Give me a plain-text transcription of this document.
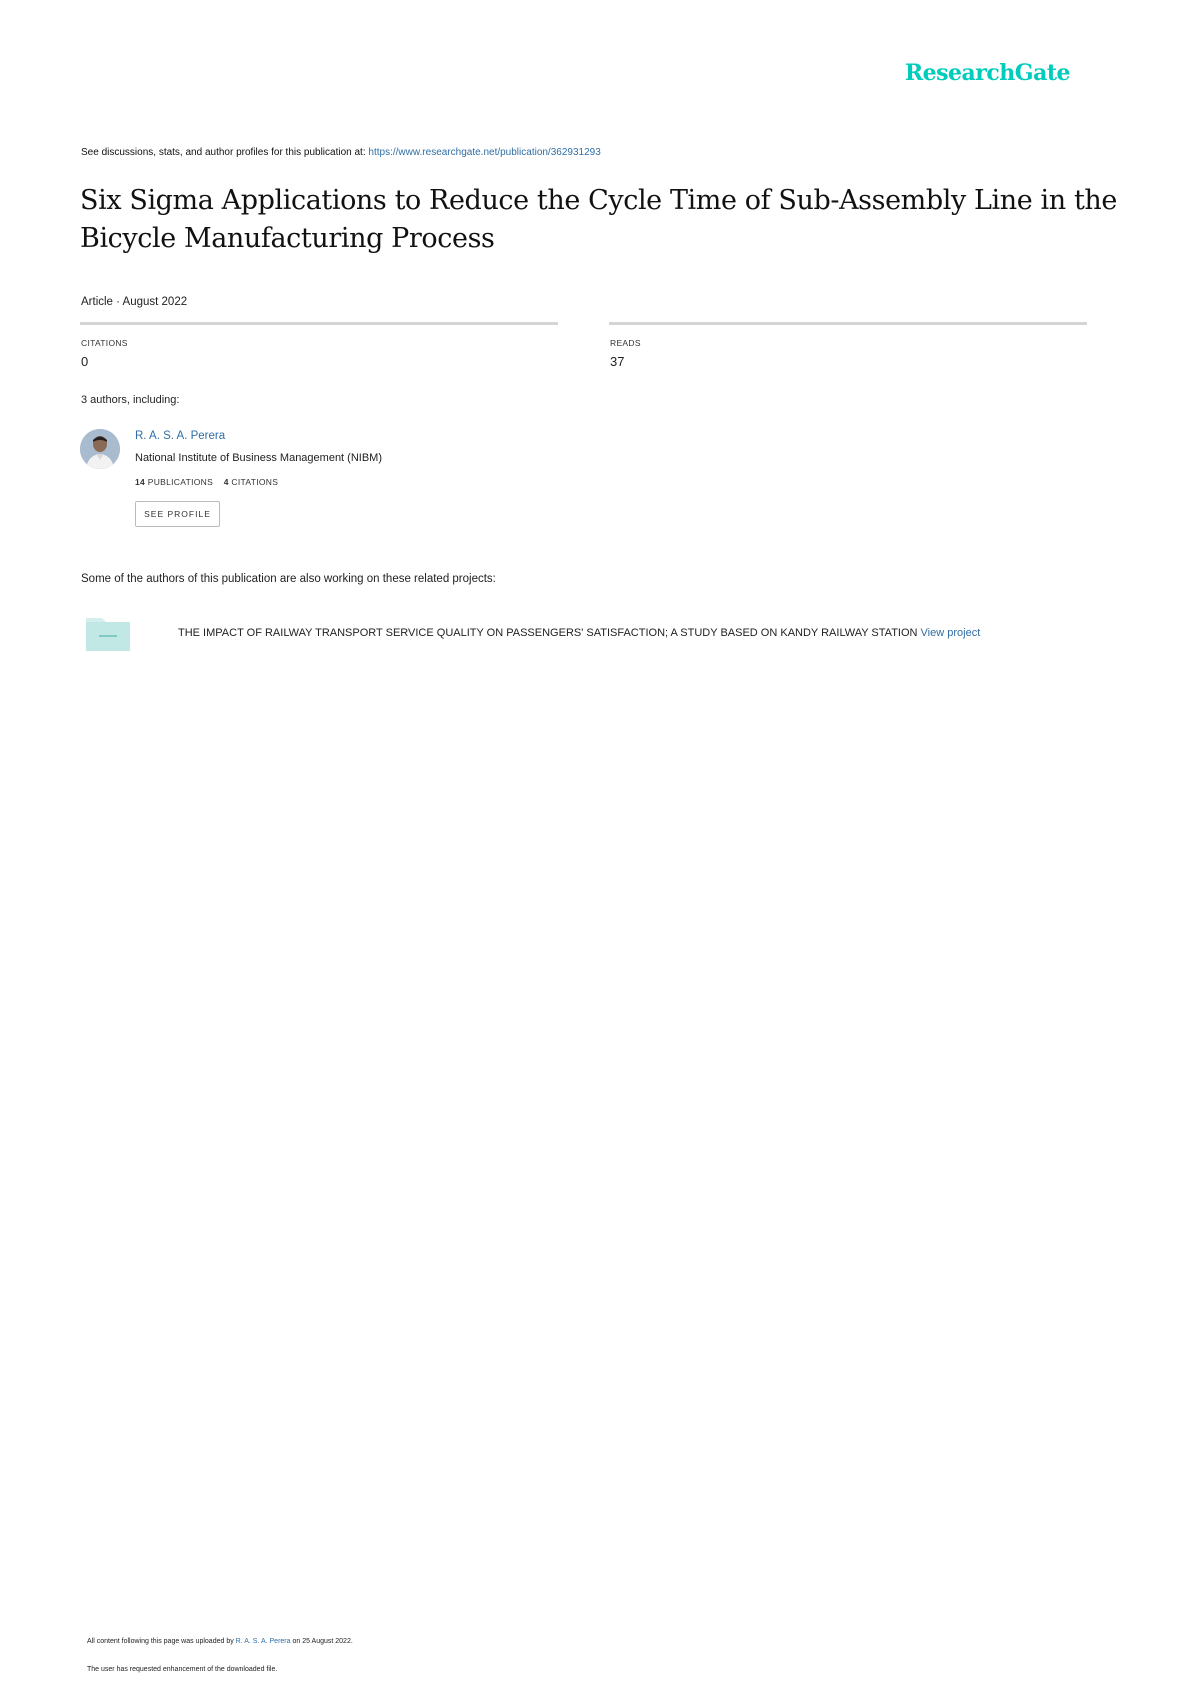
ResearchGate
See discussions, stats, and author profiles for this publication at: https://www.researchgate.net/publication/362931293
Six Sigma Applications to Reduce the Cycle Time of Sub-Assembly Line in the Bicycle Manufacturing Process
Article · August 2022
CITATIONS
0
READS
37
3 authors, including:
R. A. S. A. Perera
National Institute of Business Management (NIBM)
14 PUBLICATIONS 4 CITATIONS
SEE PROFILE
Some of the authors of this publication are also working on these related projects:
THE IMPACT OF RAILWAY TRANSPORT SERVICE QUALITY ON PASSENGERS' SATISFACTION; A STUDY BASED ON KANDY RAILWAY STATION View project
All content following this page was uploaded by R. A. S. A. Perera on 25 August 2022.
The user has requested enhancement of the downloaded file.
